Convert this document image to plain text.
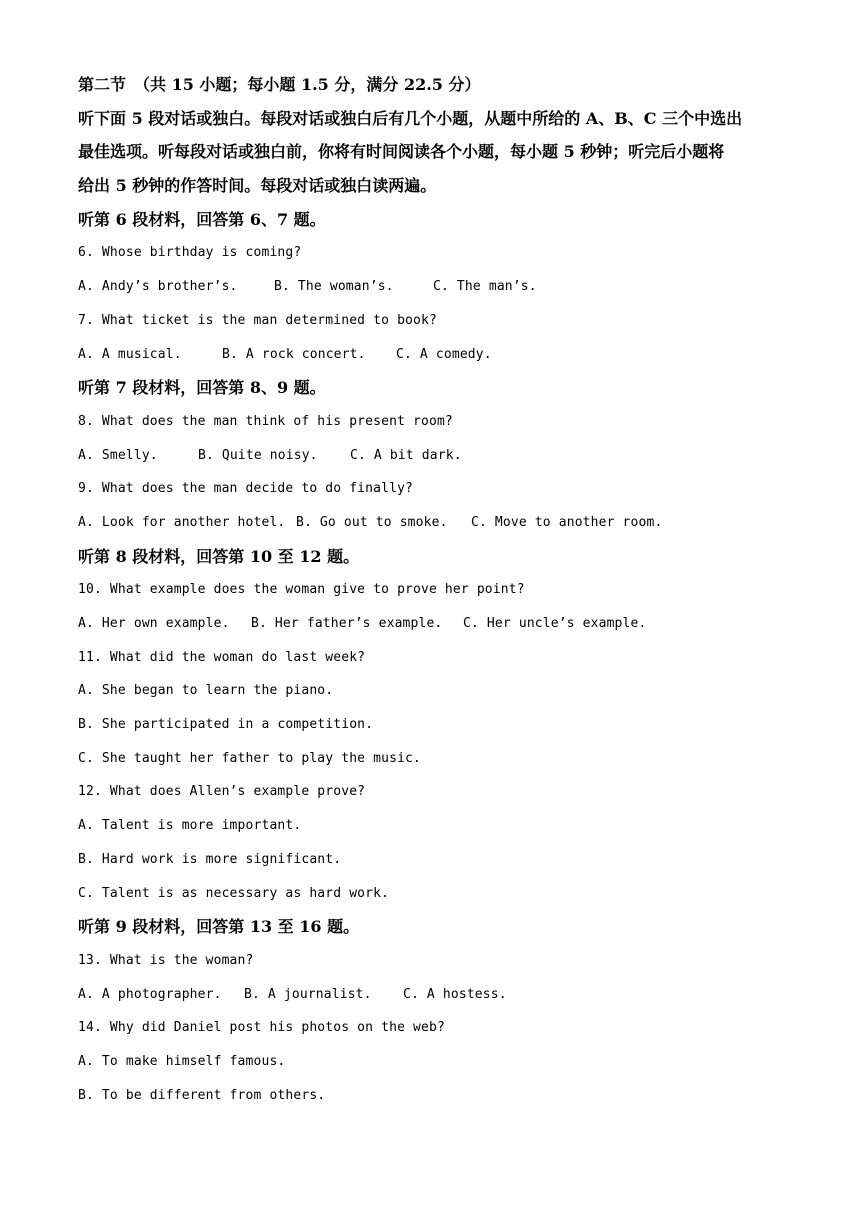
第二节　（共 15 小题；每小题 1.5 分，满分 22.5 分）
听下面 5 段对话或独白。每段对话或独白后有几个小题，从题中所给的 A、B、C 三个中选出
最佳选项。听每段对话或独白前，你将有时间阅读各个小题，每小题 5 秒钟；听完后小题将
给出 5 秒钟的作答时间。每段对话或独白读两遍。
听第 6 段材料，回答第 6、7 题。
6. Whose birthday is coming?
A. Andy’s brother’s.	B. The woman’s.	C. The man’s.
7. What ticket is the man determined to book?
A. A musical.	B. A rock concert. C. A comedy.
听第 7 段材料，回答第 8、9 题。
8. What does the man think of his present room?
A. Smelly.	B. Quite noisy. C. A bit dark.
9. What does the man decide to do finally?
A. Look for another hotel. B. Go out to smoke. C. Move to another room.
听第 8 段材料，回答第 10 至 12 题。
10. What example does the woman give to prove her point?
A. Her own example. B. Her father’s example. C. Her uncle’s example.
11. What did the woman do last week?
A. She began to learn the piano.
B. She participated in a competition.
C. She taught her father to play the music.
12. What does Allen’s example prove?
A. Talent is more important.
B. Hard work is more significant.
C. Talent is as necessary as hard work.
听第 9 段材料，回答第 13 至 16 题。
13. What is the woman?
A. A photographer. B. A journalist. C. A hostess.
14. Why did Daniel post his photos on the web?
A. To make himself famous.
B. To be different from others.
